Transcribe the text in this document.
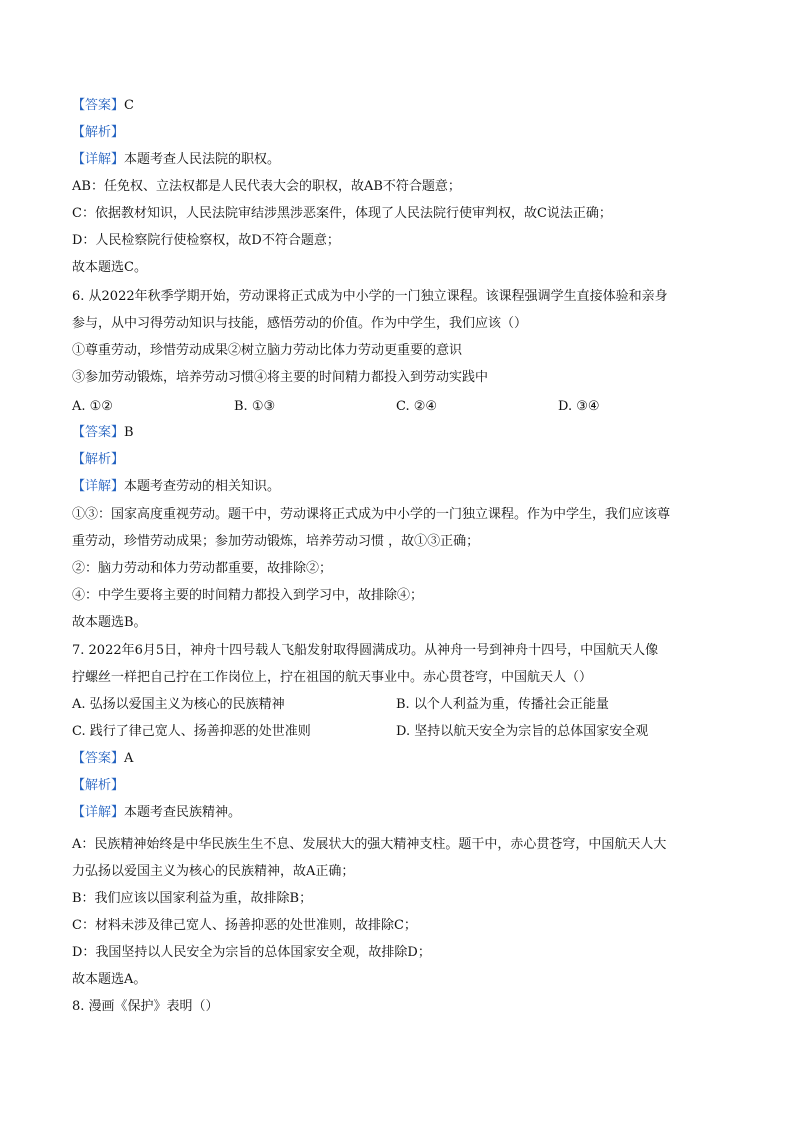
【答案】C
【解析】
【详解】本题考查人民法院的职权。
AB：任免权、立法权都是人民代表大会的职权，故AB不符合题意；
C：依据教材知识，人民法院审结涉黑涉恶案件，体现了人民法院行使审判权，故C说法正确；
D：人民检察院行使检察权，故D不符合题意；
故本题选C。
6. 从2022年秋季学期开始，劳动课将正式成为中小学的一门独立课程。该课程强调学生直接体验和亲身
参与，从中习得劳动知识与技能，感悟劳动的价值。作为中学生，我们应该（）
①尊重劳动，珍惜劳动成果②树立脑力劳动比体力劳动更重要的意识
③参加劳动锻炼，培养劳动习惯④将主要的时间精力都投入到劳动实践中
A. ①②	B. ①③	C. ②④	D. ③④
【答案】B
【解析】
【详解】本题考查劳动的相关知识。
①③：国家高度重视劳动。题干中，劳动课将正式成为中小学的一门独立课程。作为中学生，我们应该尊
重劳动，珍惜劳动成果；参加劳动锻炼，培养劳动习惯 ，故①③正确；
②：脑力劳动和体力劳动都重要，故排除②；
④：中学生要将主要的时间精力都投入到学习中，故排除④；
故本题选B。
7. 2022年6月5日，神舟十四号载人飞船发射取得圆满成功。从神舟一号到神舟十四号，中国航天人像
拧螺丝一样把自己拧在工作岗位上，拧在祖国的航天事业中。赤心贯苍穹，中国航天人（）
A. 弘扬以爱国主义为核心的民族精神	B. 以个人利益为重，传播社会正能量
C. 践行了律己宽人、扬善抑恶的处世准则	D. 坚持以航天安全为宗旨的总体国家安全观
【答案】A
【解析】
【详解】本题考查民族精神。
A：民族精神始终是中华民族生生不息、发展状大的强大精神支柱。题干中，赤心贯苍穹，中国航天人大
力弘扬以爱国主义为核心的民族精神，故A正确；
B：我们应该以国家利益为重，故排除B；
C：材料未涉及律己宽人、扬善抑恶的处世准则，故排除C；
D：我国坚持以人民安全为宗旨的总体国家安全观，故排除D；
故本题选A。
8. 漫画《保护》表明（）
